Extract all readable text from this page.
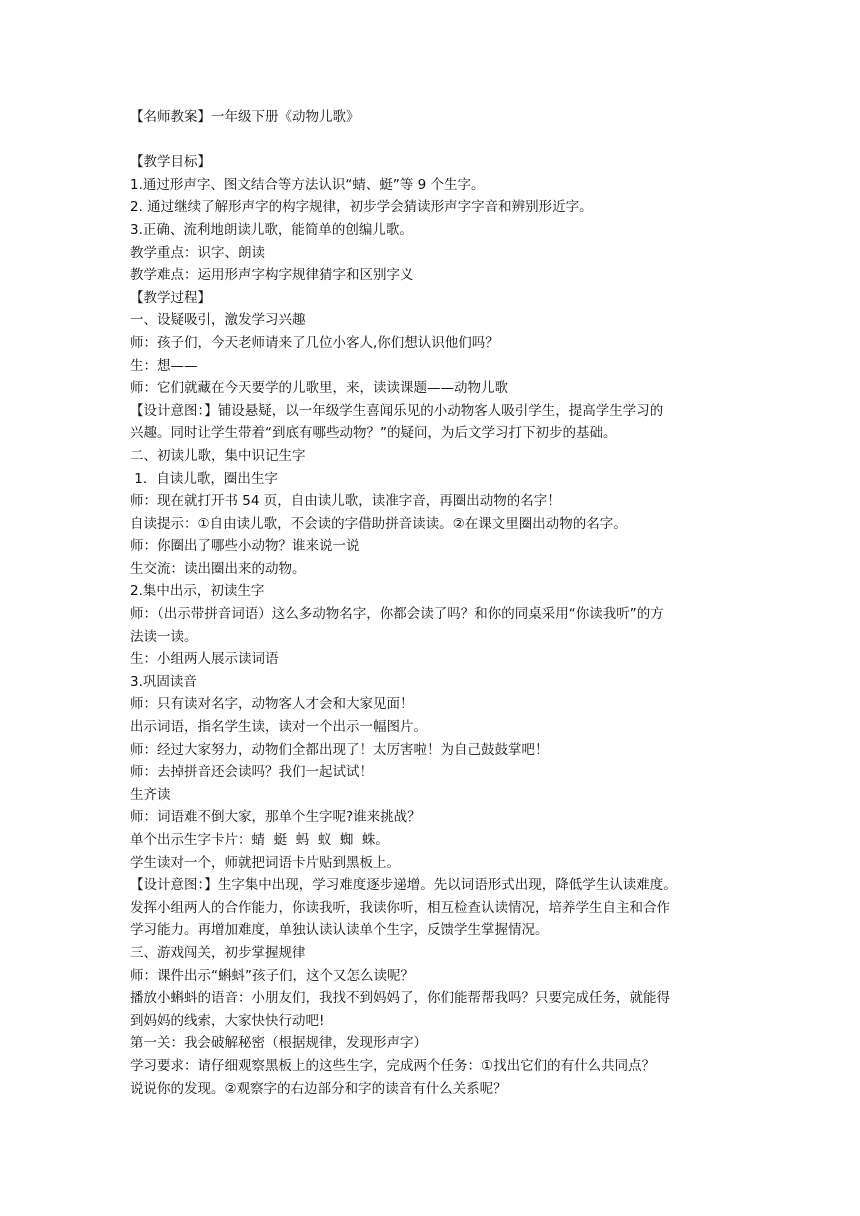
【名师教案】一年级下册《动物儿歌》
【教学目标】
1.通过形声字、图文结合等方法认识“蜻、蜓”等 9 个生字。
2. 通过继续了解形声字的构字规律，初步学会猜读形声字字音和辨别形近字。
3.正确、流利地朗读儿歌，能简单的创编儿歌。
教学重点：识字、朗读
教学难点：运用形声字构字规律猜字和区别字义
【教学过程】
一、设疑吸引，激发学习兴趣
师：孩子们，今天老师请来了几位小客人,你们想认识他们吗？
生：想——
师：它们就藏在今天要学的儿歌里，来，读读课题——动物儿歌
【设计意图：】铺设悬疑，以一年级学生喜闻乐见的小动物客人吸引学生，提高学生学习的
兴趣。同时让学生带着“到底有哪些动物？”的疑问，为后文学习打下初步的基础。
二、初读儿歌，集中识记生字
1．自读儿歌，圈出生字
师：现在就打开书 54 页，自由读儿歌，读准字音，再圈出动物的名字！
自读提示：①自由读儿歌，不会读的字借助拼音读读。②在课文里圈出动物的名字。
师：你圈出了哪些小动物？谁来说一说
生交流：读出圈出来的动物。
2.集中出示，初读生字
师：（出示带拼音词语）这么多动物名字，你都会读了吗？和你的同桌采用“你读我听”的方
法读一读。
生：小组两人展示读词语
3.巩固读音
师：只有读对名字，动物客人才会和大家见面！
出示词语，指名学生读，读对一个出示一幅图片。
师：经过大家努力，动物们全都出现了！太厉害啦！为自己鼓鼓掌吧！
师：去掉拼音还会读吗？我们一起试试！
生齐读
师：词语难不倒大家，那单个生字呢?谁来挑战？
单个出示生字卡片：蜻  蜓  蚂  蚁  蜘  蛛。
学生读对一个，师就把词语卡片贴到黑板上。
【设计意图：】生字集中出现，学习难度逐步递增。先以词语形式出现，降低学生认读难度。
发挥小组两人的合作能力，你读我听，我读你听，相互检查认读情况，培养学生自主和合作
学习能力。再增加难度，单独认读认读单个生字，反馈学生掌握情况。
三、游戏闯关，初步掌握规律
师：课件出示“蝌蚪”孩子们，这个又怎么读呢？
播放小蝌蚪的语音：小朋友们，我找不到妈妈了，你们能帮帮我吗？只要完成任务，就能得
到妈妈的线索，大家快快行动吧!
第一关：我会破解秘密（根据规律，发现形声字）
学习要求：请仔细观察黑板上的这些生字，完成两个任务：①找出它们的有什么共同点？
说说你的发现。②观察字的右边部分和字的读音有什么关系呢？
